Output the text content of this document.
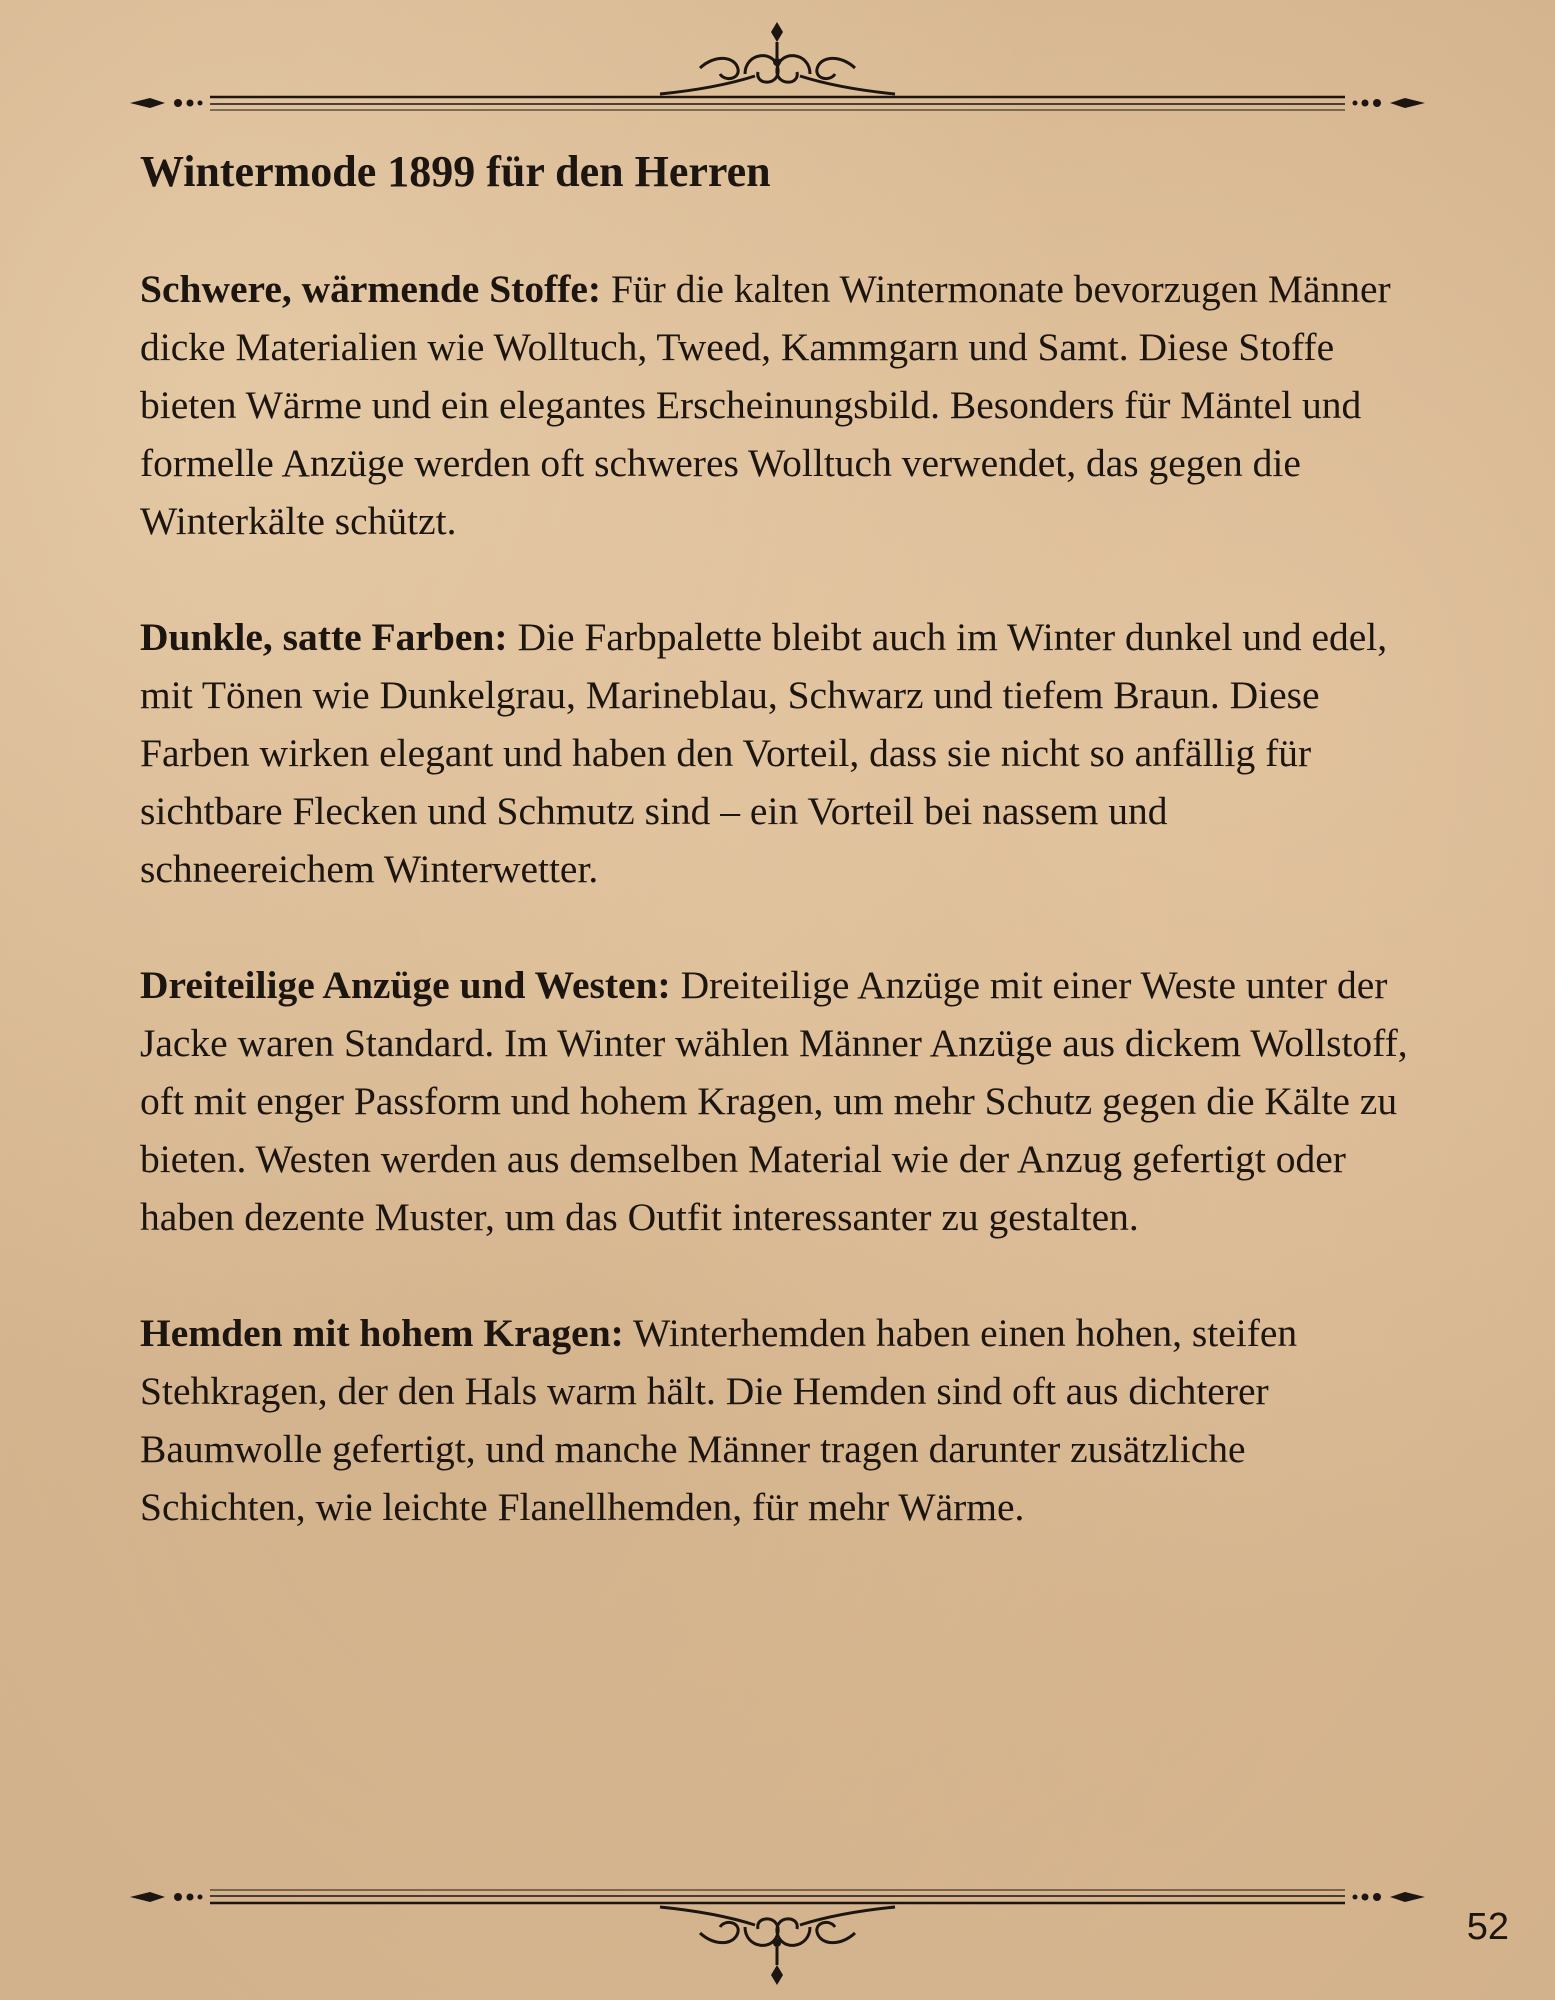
Wintermode 1899 für den Herren

Schwere, wärmende Stoffe: Für die kalten Wintermonate bevorzugen Männer dicke Materialien wie Wolltuch, Tweed, Kammgarn und Samt. Diese Stoffe bieten Wärme und ein elegantes Erscheinungsbild. Besonders für Mäntel und formelle Anzüge werden oft schweres Wolltuch verwendet, das gegen die Winterkälte schützt.

Dunkle, satte Farben: Die Farbpalette bleibt auch im Winter dunkel und edel, mit Tönen wie Dunkelgrau, Marineblau, Schwarz und tiefem Braun. Diese Farben wirken elegant und haben den Vorteil, dass sie nicht so anfällig für sichtbare Flecken und Schmutz sind – ein Vorteil bei nassem und schneereichem Winterwetter.

Dreiteilige Anzüge und Westen: Dreiteilige Anzüge mit einer Weste unter der Jacke waren Standard. Im Winter wählen Männer Anzüge aus dickem Wollstoff, oft mit enger Passform und hohem Kragen, um mehr Schutz gegen die Kälte zu bieten. Westen werden aus demselben Material wie der Anzug gefertigt oder haben dezente Muster, um das Outfit interessanter zu gestalten.

Hemden mit hohem Kragen: Winterhemden haben einen hohen, steifen Stehkragen, der den Hals warm hält. Die Hemden sind oft aus dichterer Baumwolle gefertigt, und manche Männer tragen darunter zusätzliche Schichten, wie leichte Flanellhemden, für mehr Wärme.

52
